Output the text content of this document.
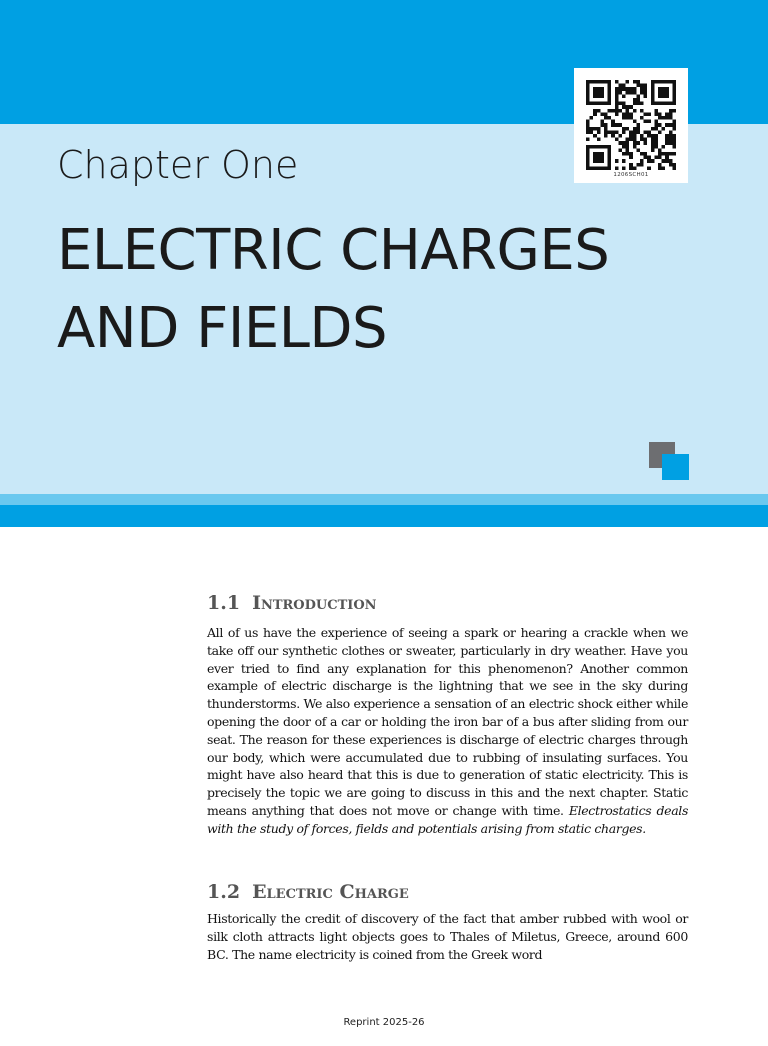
1206SCH01
Chapter One
ELECTRIC CHARGES
AND FIELDS
1.1 Introduction

All of us have the experience of seeing a spark or hearing a crackle when we take off our synthetic clothes or sweater, particularly in dry weather. Have you ever tried to find any explanation for this phenomenon? Another common example of electric discharge is the lightning that we see in the sky during thunderstorms. We also experience a sensation of an electric shock either while opening the door of a car or holding the iron bar of a bus after sliding from our seat. The reason for these experiences is discharge of electric charges through our body, which were accumulated due to rubbing of insulating surfaces. You might have also heard that this is due to generation of static electricity. This is precisely the topic we are going to discuss in this and the next chapter. Static means anything that does not move or change with time. Electrostatics deals with the study of forces, fields and potentials arising from static charges.

1.2 Electric Charge

Historically the credit of discovery of the fact that amber rubbed with wool or silk cloth attracts light objects goes to Thales of Miletus, Greece, around 600 BC. The name electricity is coined from the Greek word

Reprint 2025-26
